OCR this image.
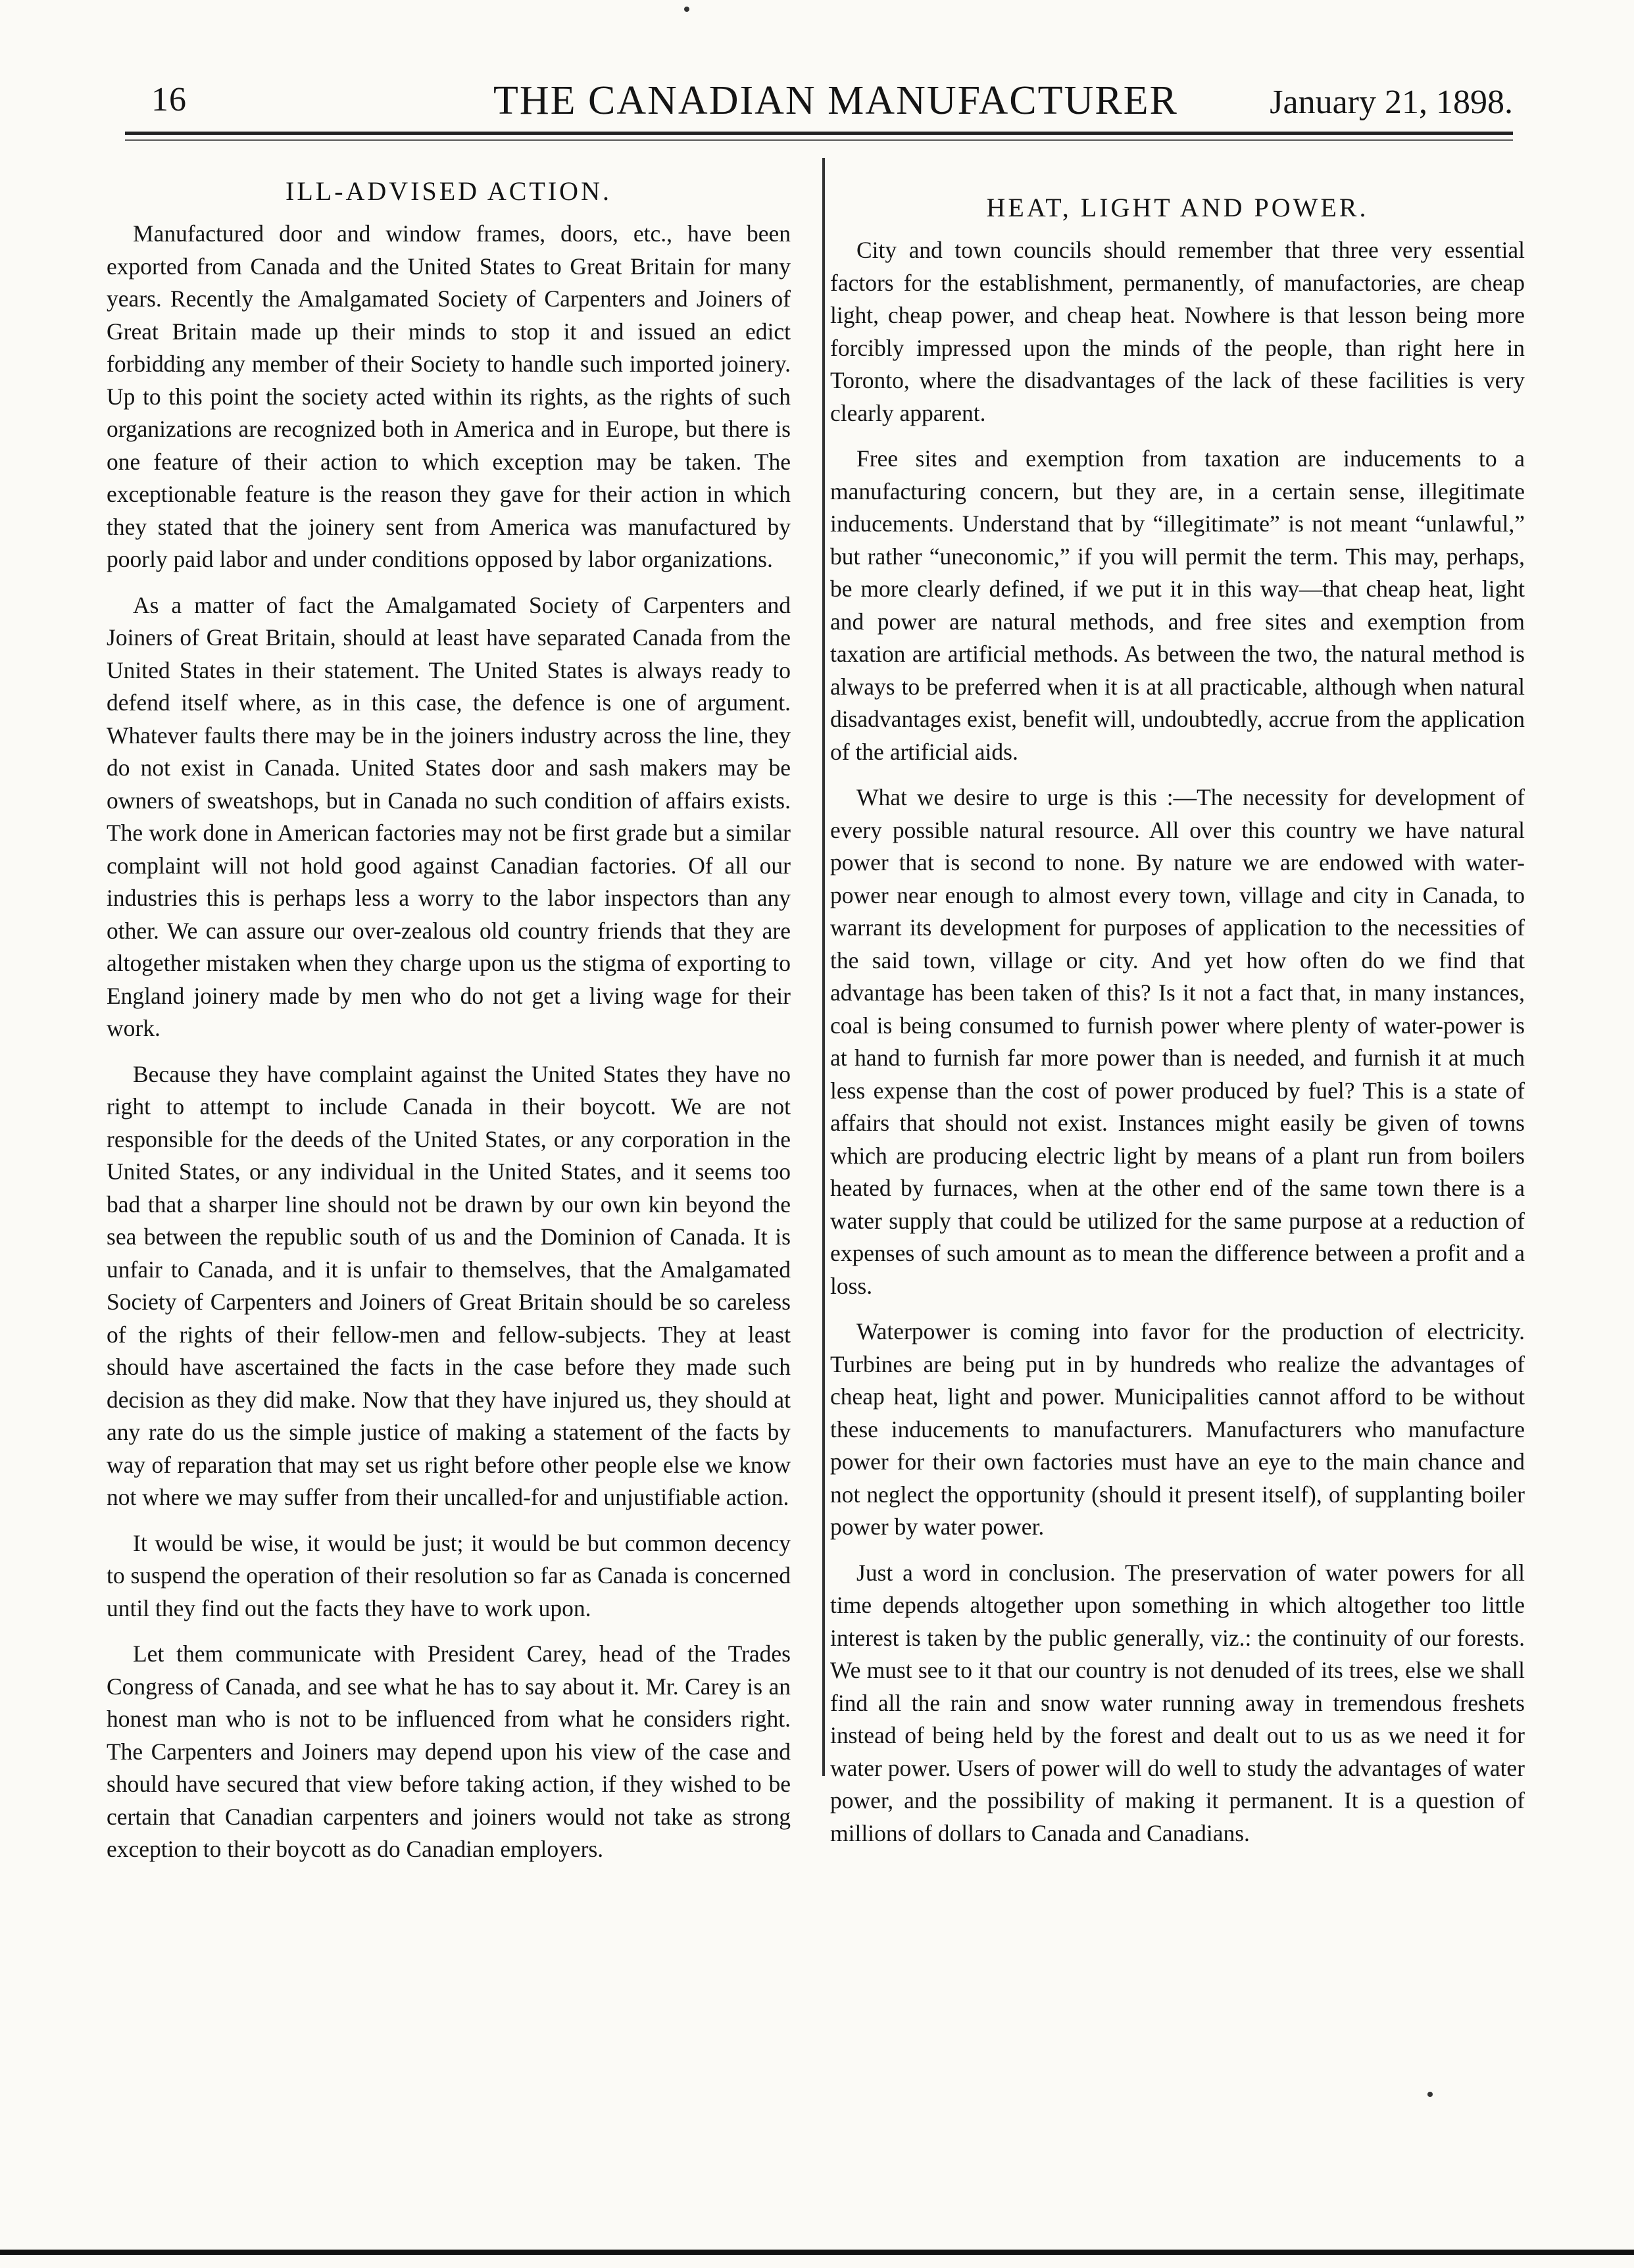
16	THE CANADIAN MANUFACTURER	January 21, 1898.
ILL-ADVISED ACTION.

Manufactured door and window frames, doors, etc., have been exported from Canada and the United States to Great Britain for many years. Recently the Amalgamated Society of Carpenters and Joiners of Great Britain made up their minds to stop it and issued an edict forbidding any member of their Society to handle such imported joinery. Up to this point the society acted within its rights, as the rights of such organizations are recognized both in America and in Europe, but there is one feature of their action to which exception may be taken. The exceptionable feature is the reason they gave for their action in which they stated that the joinery sent from America was manufactured by poorly paid labor and under conditions opposed by labor organizations.

As a matter of fact the Amalgamated Society of Carpenters and Joiners of Great Britain, should at least have separated Canada from the United States in their statement. The United States is always ready to defend itself where, as in this case, the defence is one of argument. Whatever faults there may be in the joiners industry across the line, they do not exist in Canada. United States door and sash makers may be owners of sweatshops, but in Canada no such condition of affairs exists. The work done in American factories may not be first grade but a similar complaint will not hold good against Canadian factories. Of all our industries this is perhaps less a worry to the labor inspectors than any other. We can assure our over-zealous old country friends that they are altogether mistaken when they charge upon us the stigma of exporting to England joinery made by men who do not get a living wage for their work.

Because they have complaint against the United States they have no right to attempt to include Canada in their boycott. We are not responsible for the deeds of the United States, or any corporation in the United States, or any individual in the United States, and it seems too bad that a sharper line should not be drawn by our own kin beyond the sea between the republic south of us and the Dominion of Canada. It is unfair to Canada, and it is unfair to themselves, that the Amalgamated Society of Carpenters and Joiners of Great Britain should be so careless of the rights of their fellow-men and fellow-subjects. They at least should have ascertained the facts in the case before they made such decision as they did make. Now that they have injured us, they should at any rate do us the simple justice of making a statement of the facts by way of reparation that may set us right before other people else we know not where we may suffer from their uncalled-for and unjustifiable action.

It would be wise, it would be just; it would be but common decency to suspend the operation of their resolution so far as Canada is concerned until they find out the facts they have to work upon.

Let them communicate with President Carey, head of the Trades Congress of Canada, and see what he has to say about it. Mr. Carey is an honest man who is not to be influenced from what he considers right. The Carpenters and Joiners may depend upon his view of the case and should have secured that view before taking action, if they wished to be certain that Canadian carpenters and joiners would not take as strong exception to their boycott as do Canadian employers.

HEAT, LIGHT AND POWER.

City and town councils should remember that three very essential factors for the establishment, permanently, of manufactories, are cheap light, cheap power, and cheap heat. Nowhere is that lesson being more forcibly impressed upon the minds of the people, than right here in Toronto, where the disadvantages of the lack of these facilities is very clearly apparent.

Free sites and exemption from taxation are inducements to a manufacturing concern, but they are, in a certain sense, illegitimate inducements. Understand that by “illegitimate” is not meant “unlawful,” but rather “uneconomic,” if you will permit the term. This may, perhaps, be more clearly defined, if we put it in this way—that cheap heat, light and power are natural methods, and free sites and exemption from taxation are artificial methods. As between the two, the natural method is always to be preferred when it is at all practicable, although when natural disadvantages exist, benefit will, undoubtedly, accrue from the application of the artificial aids.

What we desire to urge is this :—The necessity for development of every possible natural resource. All over this country we have natural power that is second to none. By nature we are endowed with water-power near enough to almost every town, village and city in Canada, to warrant its development for purposes of application to the necessities of the said town, village or city. And yet how often do we find that advantage has been taken of this? Is it not a fact that, in many instances, coal is being consumed to furnish power where plenty of water-power is at hand to furnish far more power than is needed, and furnish it at much less expense than the cost of power produced by fuel? This is a state of affairs that should not exist. Instances might easily be given of towns which are producing electric light by means of a plant run from boilers heated by furnaces, when at the other end of the same town there is a water supply that could be utilized for the same purpose at a reduction of expenses of such amount as to mean the difference between a profit and a loss.

Waterpower is coming into favor for the production of electricity. Turbines are being put in by hundreds who realize the advantages of cheap heat, light and power. Municipalities cannot afford to be without these inducements to manufacturers. Manufacturers who manufacture power for their own factories must have an eye to the main chance and not neglect the opportunity (should it present itself), of supplanting boiler power by water power.

Just a word in conclusion. The preservation of water powers for all time depends altogether upon something in which altogether too little interest is taken by the public generally, viz.: the continuity of our forests. We must see to it that our country is not denuded of its trees, else we shall find all the rain and snow water running away in tremendous freshets instead of being held by the forest and dealt out to us as we need it for water power. Users of power will do well to study the advantages of water power, and the possibility of making it permanent. It is a question of millions of dollars to Canada and Canadians.
